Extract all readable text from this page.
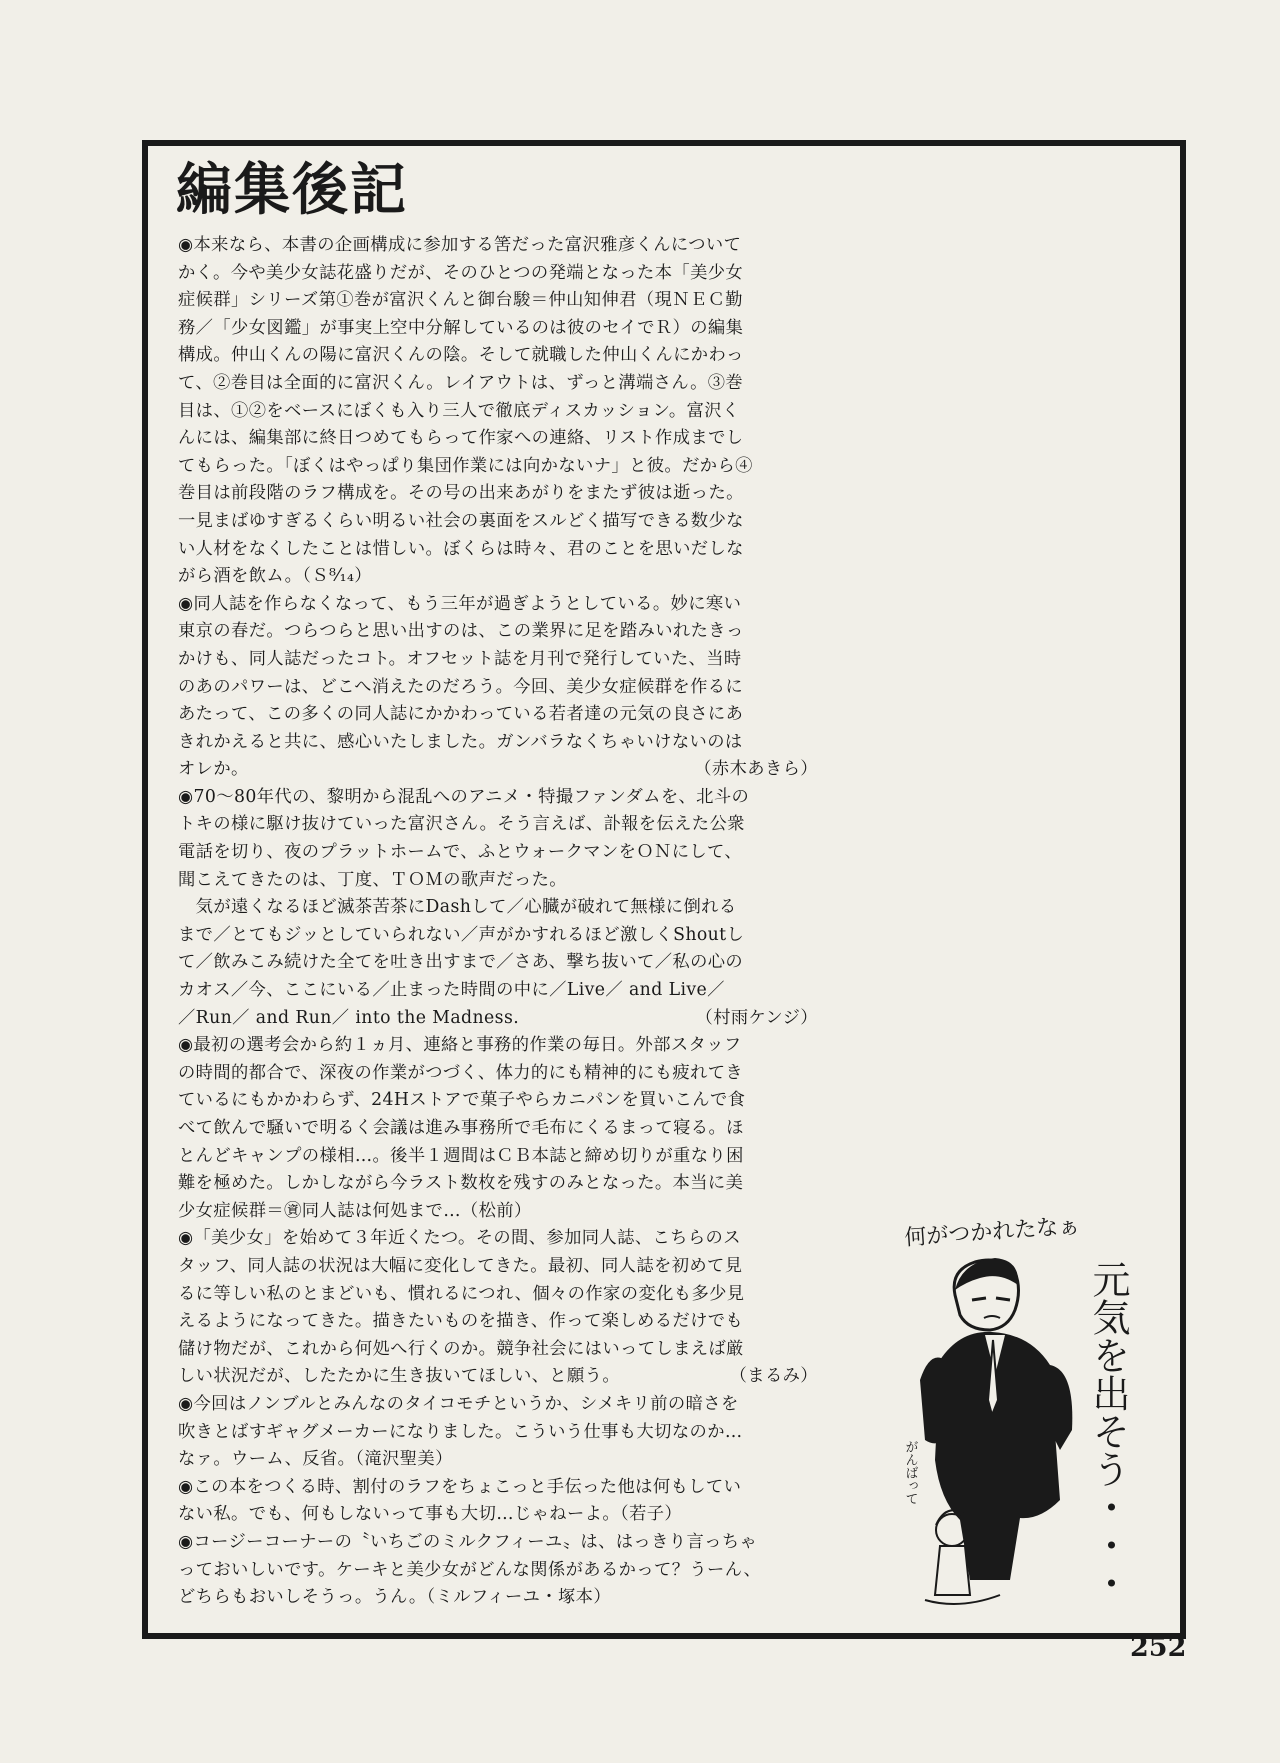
編集後記
◉本来なら、本書の企画構成に参加する筈だった富沢雅彦くんについて
かく。今や美少女誌花盛りだが、そのひとつの発端となった本「美少女
症候群」シリーズ第①巻が富沢くんと御台駿＝仲山知伸君（現ＮＥＣ勤
務／「少女図鑑」が事実上空中分解しているのは彼のセイでＲ）の編集
構成。仲山くんの陽に富沢くんの陰。そして就職した仲山くんにかわっ
て、②巻目は全面的に富沢くん。レイアウトは、ずっと溝端さん。③巻
目は、①②をベースにぼくも入り三人で徹底ディスカッション。富沢く
んには、編集部に終日つめてもらって作家への連絡、リスト作成までし
てもらった。「ぼくはやっぱり集団作業には向かないナ」と彼。だから④
巻目は前段階のラフ構成を。その号の出来あがりをまたず彼は逝った。
一見まばゆすぎるくらい明るい社会の裏面をスルどく描写できる数少な
い人材をなくしたことは惜しい。ぼくらは時々、君のことを思いだしな
がら酒を飲ム。（Ｓ⁸⁄₁₄）
◉同人誌を作らなくなって、もう三年が過ぎようとしている。妙に寒い
東京の春だ。つらつらと思い出すのは、この業界に足を踏みいれたきっ
かけも、同人誌だったコト。オフセット誌を月刊で発行していた、当時
のあのパワーは、どこへ消えたのだろう。今回、美少女症候群を作るに
あたって、この多くの同人誌にかかわっている若者達の元気の良さにあ
きれかえると共に、感心いたしました。ガンバラなくちゃいけないのは
オレか。	（赤木あきら）
◉70〜80年代の、黎明から混乱へのアニメ・特撮ファンダムを、北斗の
トキの様に駆け抜けていった富沢さん。そう言えば、訃報を伝えた公衆
電話を切り、夜のプラットホームで、ふとウォークマンをＯＮにして、
聞こえてきたのは、丁度、ＴＯＭの歌声だった。
　気が遠くなるほど滅茶苦茶にDashして／心臓が破れて無様に倒れる
まで／とてもジッとしていられない／声がかすれるほど激しくShoutし
て／飲みこみ続けた全てを吐き出すまで／さあ、撃ち抜いて／私の心の
カオス／今、ここにいる／止まった時間の中に／Live／ and Live／
／Run／ and Run／ into the Madness.	（村雨ケンジ）
◉最初の選考会から約１ヵ月、連絡と事務的作業の毎日。外部スタッフ
の時間的都合で、深夜の作業がつづく、体力的にも精神的にも疲れてき
ているにもかかわらず、24Hストアで菓子やらカニパンを買いこんで食
べて飲んで騒いで明るく会議は進み事務所で毛布にくるまって寝る。ほ
とんどキャンプの様相…。後半１週間はＣＢ本誌と締め切りが重なり困
難を極めた。しかしながら今ラスト数枚を残すのみとなった。本当に美
少女症候群＝㊮同人誌は何処まで…（松前）
◉「美少女」を始めて３年近くたつ。その間、参加同人誌、こちらのス
タッフ、同人誌の状況は大幅に変化してきた。最初、同人誌を初めて見
るに等しい私のとまどいも、慣れるにつれ、個々の作家の変化も多少見
えるようになってきた。描きたいものを描き、作って楽しめるだけでも
儲け物だが、これから何処へ行くのか。競争社会にはいってしまえば厳
しい状況だが、したたかに生き抜いてほしい、と願う。	（まるみ）
◉今回はノンブルとみんなのタイコモチというか、シメキリ前の暗さを
吹きとばすギャグメーカーになりました。こういう仕事も大切なのか…
なァ。ウーム、反省。（滝沢聖美）
◉この本をつくる時、割付のラフをちょこっと手伝った他は何もしてい
ない私。でも、何もしないって事も大切…じゃねーよ。（若子）
◉コージーコーナーの〝いちごのミルクフィーユ〟は、はっきり言っちゃ
っておいしいです。ケーキと美少女がどんな関係があるかって？うーん、
どちらもおいしそうっ。うん。（ミルフィーユ・塚本）
何がつかれたなぁ
元気を出そう・・・
がんばって
252
